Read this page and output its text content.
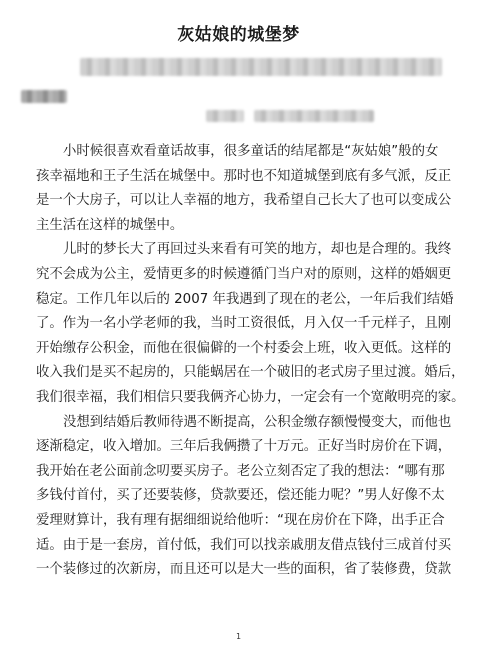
灰姑娘的城堡梦

小时候很喜欢看童话故事，很多童话的结尾都是“灰姑娘”般的女
孩幸福地和王子生活在城堡中。那时也不知道城堡到底有多气派，反正
是一个大房子，可以让人幸福的地方，我希望自己长大了也可以变成公
主生活在这样的城堡中。

儿时的梦长大了再回过头来看有可笑的地方，却也是合理的。我终
究不会成为公主，爱情更多的时候遵循门当户对的原则，这样的婚姻更
稳定。工作几年以后的 2007 年我遇到了现在的老公，一年后我们结婚
了。作为一名小学老师的我，当时工资很低，月入仅一千元样子，且刚
开始缴存公积金，而他在很偏僻的一个村委会上班，收入更低。这样的
收入我们是买不起房的，只能蜗居在一个破旧的老式房子里过渡。婚后，
我们很幸福，我们相信只要我俩齐心协力，一定会有一个宽敞明亮的家。

没想到结婚后教师待遇不断提高，公积金缴存额慢慢变大，而他也
逐渐稳定，收入增加。三年后我俩攒了十万元。正好当时房价在下调，
我开始在老公面前念叨要买房子。老公立刻否定了我的想法：“哪有那
多钱付首付，买了还要装修，贷款要还，偿还能力呢？”男人好像不太
爱理财算计，我有理有据细细说给他听：“现在房价在下降，出手正合
适。由于是一套房，首付低，我们可以找亲戚朋友借点钱付三成首付买
一个装修过的次新房，而且还可以是大一些的面积，省了装修费，贷款

1
